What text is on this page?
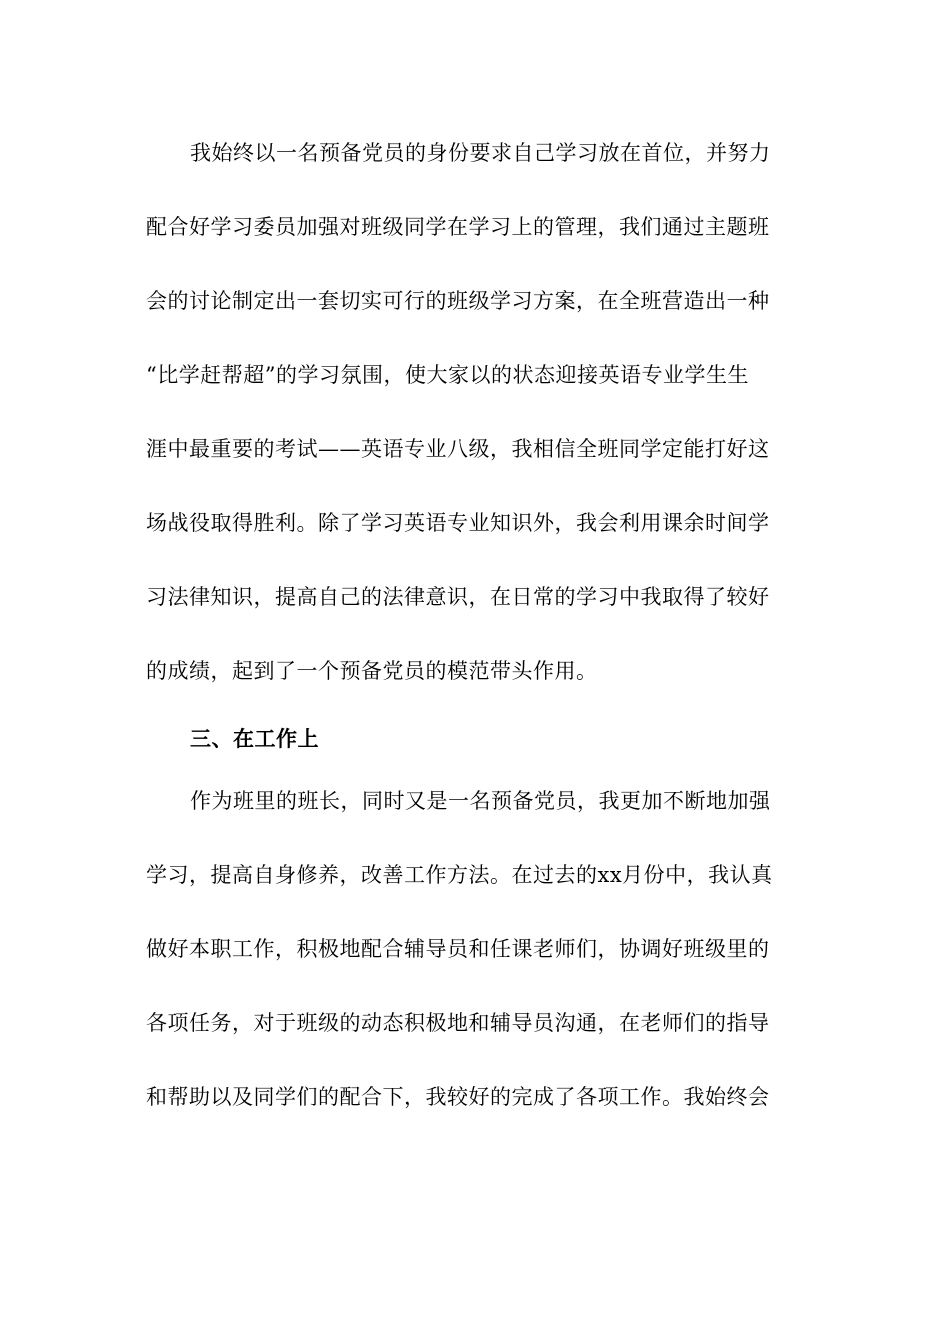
我始终以一名预备党员的身份要求自己学习放在首位，并努力
配合好学习委员加强对班级同学在学习上的管理，我们通过主题班
会的讨论制定出一套切实可行的班级学习方案，在全班营造出一种
“比学赶帮超”的学习氛围，使大家以的状态迎接英语专业学生生
涯中最重要的考试——英语专业八级，我相信全班同学定能打好这
场战役取得胜利。除了学习英语专业知识外，我会利用课余时间学
习法律知识，提高自己的法律意识，在日常的学习中我取得了较好
的成绩，起到了一个预备党员的模范带头作用。
三、在工作上
作为班里的班长，同时又是一名预备党员，我更加不断地加强
学习，提高自身修养，改善工作方法。在过去的xx月份中，我认真
做好本职工作，积极地配合辅导员和任课老师们，协调好班级里的
各项任务，对于班级的动态积极地和辅导员沟通，在老师们的指导
和帮助以及同学们的配合下，我较好的完成了各项工作。我始终会
